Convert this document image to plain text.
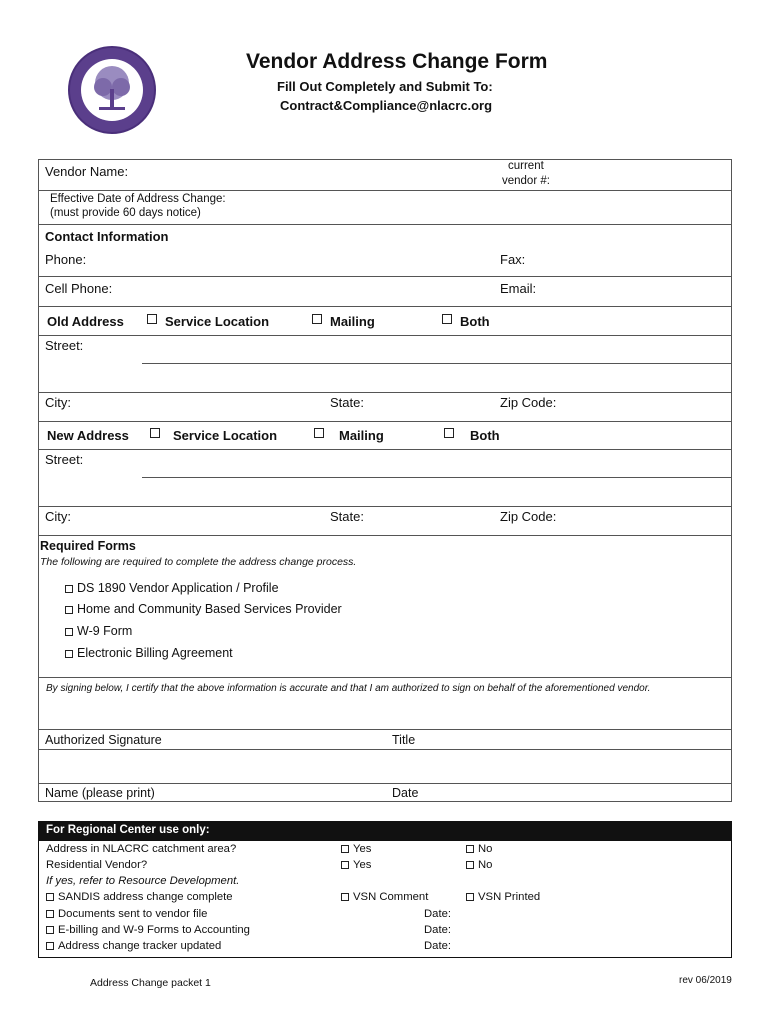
Vendor Address Change Form
Fill Out Completely and Submit To:
Contract&Compliance@nlacrc.org
Vendor Name:	current
vendor #:
Effective Date of Address Change:
(must provide 60 days notice)
Contact Information
Phone:	Fax:
Cell Phone:	Email:
Old Address	Service Location	Mailing	Both
Street:
City:	State:	Zip Code:
New Address	Service Location	Mailing	Both
Street:
City:	State:	Zip Code:
Required Forms
The following are required to complete the address change process.
DS 1890 Vendor Application / Profile
Home and Community Based Services Provider
W-9 Form
Electronic Billing Agreement
By signing below, I certify that the above information is accurate and that I am authorized to sign on behalf of the aforementioned vendor.
Authorized Signature	Title
Name (please print)	Date
For Regional Center use only:
Address in NLACRC catchment area?	Yes	No
Residential Vendor?	Yes	No
If yes, refer to Resource Development.
SANDIS address change complete	VSN Comment	VSN Printed
Documents sent to vendor file	Date:
E-billing and W-9 Forms to Accounting	Date:
Address change tracker updated	Date:
Address Change packet 1	rev 06/2019
